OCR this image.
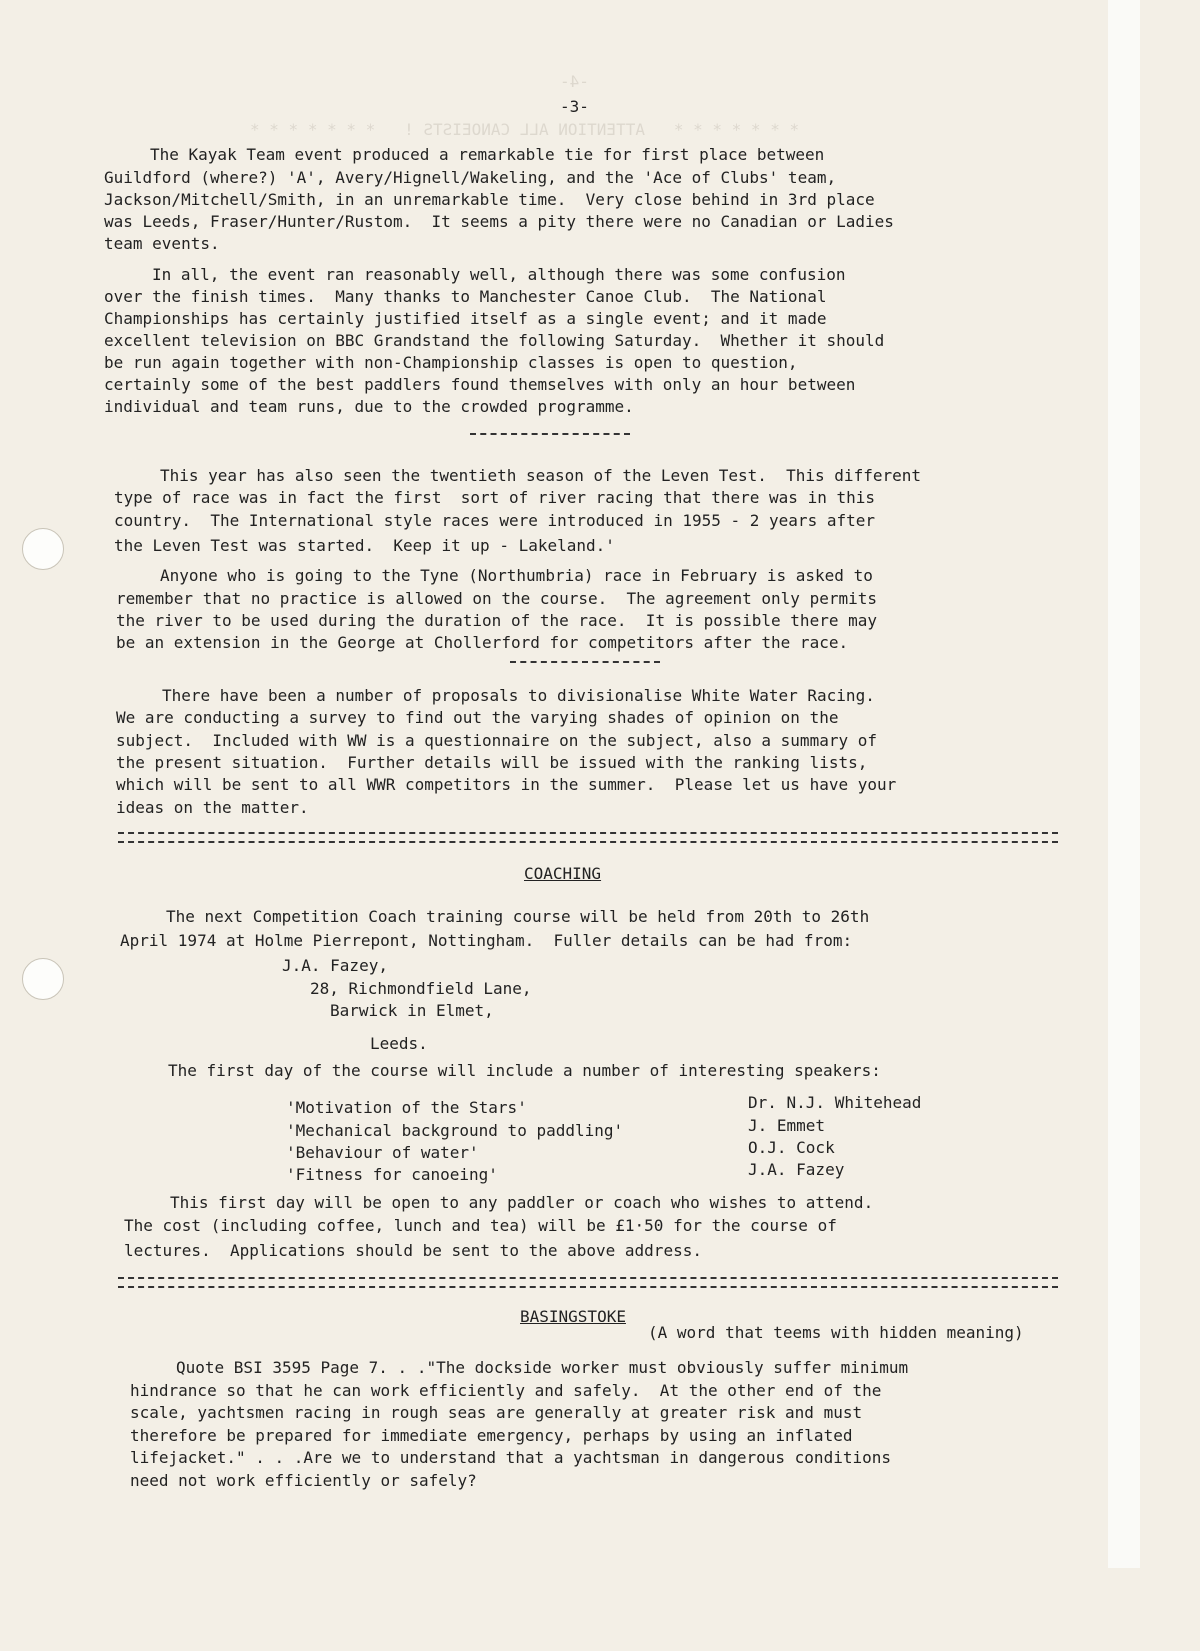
-4-
* * * * * * *   ATTENTION ALL CANOEISTS !   * * * * * * *
-3-
The Kayak Team event produced a remarkable tie for first place between
Guildford (where?) 'A', Avery/Hignell/Wakeling, and the 'Ace of Clubs' team,
Jackson/Mitchell/Smith, in an unremarkable time.  Very close behind in 3rd place
was Leeds, Fraser/Hunter/Rustom.  It seems a pity there were no Canadian or Ladies
team events.
In all, the event ran reasonably well, although there was some confusion
over the finish times.  Many thanks to Manchester Canoe Club.  The National
Championships has certainly justified itself as a single event; and it made
excellent television on BBC Grandstand the following Saturday.  Whether it should
be run again together with non-Championship classes is open to question,
certainly some of the best paddlers found themselves with only an hour between
individual and team runs, due to the crowded programme.
This year has also seen the twentieth season of the Leven Test.  This different
type of race was in fact the first  sort of river racing that there was in this
country.  The International style races were introduced in 1955 - 2 years after
the Leven Test was started.  Keep it up - Lakeland.'
Anyone who is going to the Tyne (Northumbria) race in February is asked to
remember that no practice is allowed on the course.  The agreement only permits
the river to be used during the duration of the race.  It is possible there may
be an extension in the George at Chollerford for competitors after the race.
There have been a number of proposals to divisionalise White Water Racing.
We are conducting a survey to find out the varying shades of opinion on the
subject.  Included with WW is a questionnaire on the subject, also a summary of
the present situation.  Further details will be issued with the ranking lists,
which will be sent to all WWR competitors in the summer.  Please let us have your
ideas on the matter.
COACHING
The next Competition Coach training course will be held from 20th to 26th
April 1974 at Holme Pierrepont, Nottingham.  Fuller details can be had from:
J.A. Fazey,
28, Richmondfield Lane,
Barwick in Elmet,
Leeds.
The first day of the course will include a number of interesting speakers:
'Motivation of the Stars'	Dr. N.J. Whitehead
'Mechanical background to paddling'	J. Emmet
'Behaviour of water'	O.J. Cock
'Fitness for canoeing'	J.A. Fazey
This first day will be open to any paddler or coach who wishes to attend.
The cost (including coffee, lunch and tea) will be £1·50 for the course of
lectures.  Applications should be sent to the above address.
BASINGSTOKE
(A word that teems with hidden meaning)
Quote BSI 3595 Page 7. . ."The dockside worker must obviously suffer minimum
hindrance so that he can work efficiently and safely.  At the other end of the
scale, yachtsmen racing in rough seas are generally at greater risk and must
therefore be prepared for immediate emergency, perhaps by using an inflated
lifejacket." . . .Are we to understand that a yachtsman in dangerous conditions
need not work efficiently or safely?
